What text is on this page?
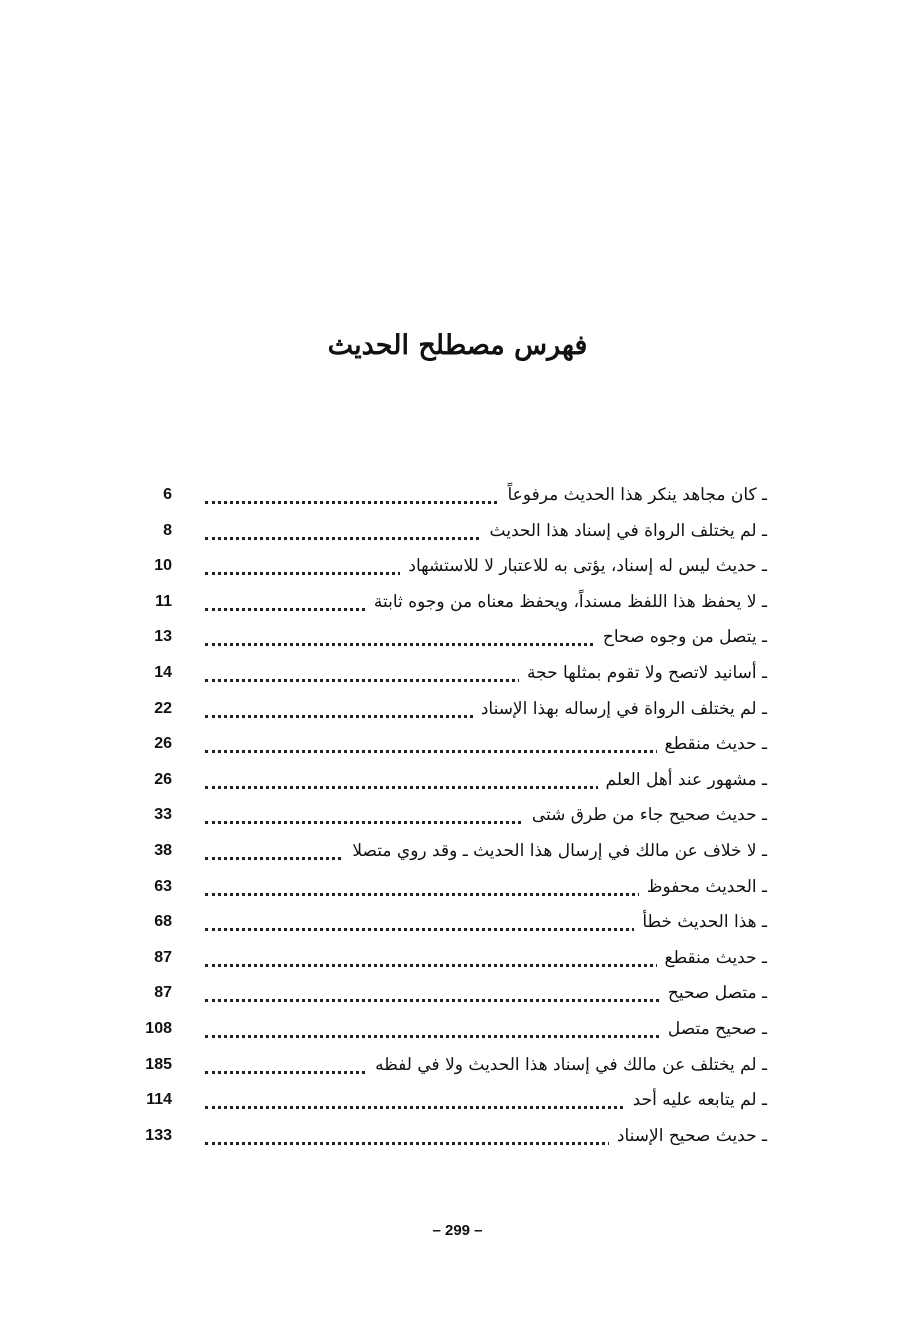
فهرس مصطلح الحديث
ـ كان مجاهد ينكر هذا الحديث مرفوعاً
6
ـ لم يختلف الرواة في إسناد هذا الحديث
8
ـ حديث ليس له إسناد، يؤتى به للاعتبار لا للاستشهاد
10
ـ لا يحفظ هذا اللفظ مسنداً، ويحفظ معناه من وجوه ثابتة
11
ـ يتصل من وجوه صحاح
13
ـ أسانيد لاتصح ولا تقوم بمثلها حجة
14
ـ لم يختلف الرواة في إرساله بهذا الإسناد
22
ـ حديث منقطع
26
ـ مشهور عند أهل العلم
26
ـ حديث صحيح جاء من طرق شتى
33
ـ لا خلاف عن مالك في إرسال هذا الحديث ـ وقد روي متصلا
38
ـ الحديث محفوظ
63
ـ هذا الحديث خطأ
68
ـ حديث منقطع
87
ـ متصل صحيح
87
ـ صحيح متصل
108
ـ لم يختلف عن مالك في إسناد هذا الحديث ولا في لفظه
185
ـ لم يتابعه عليه أحد
114
ـ حديث صحيح الإسناد
133
– 299 –
